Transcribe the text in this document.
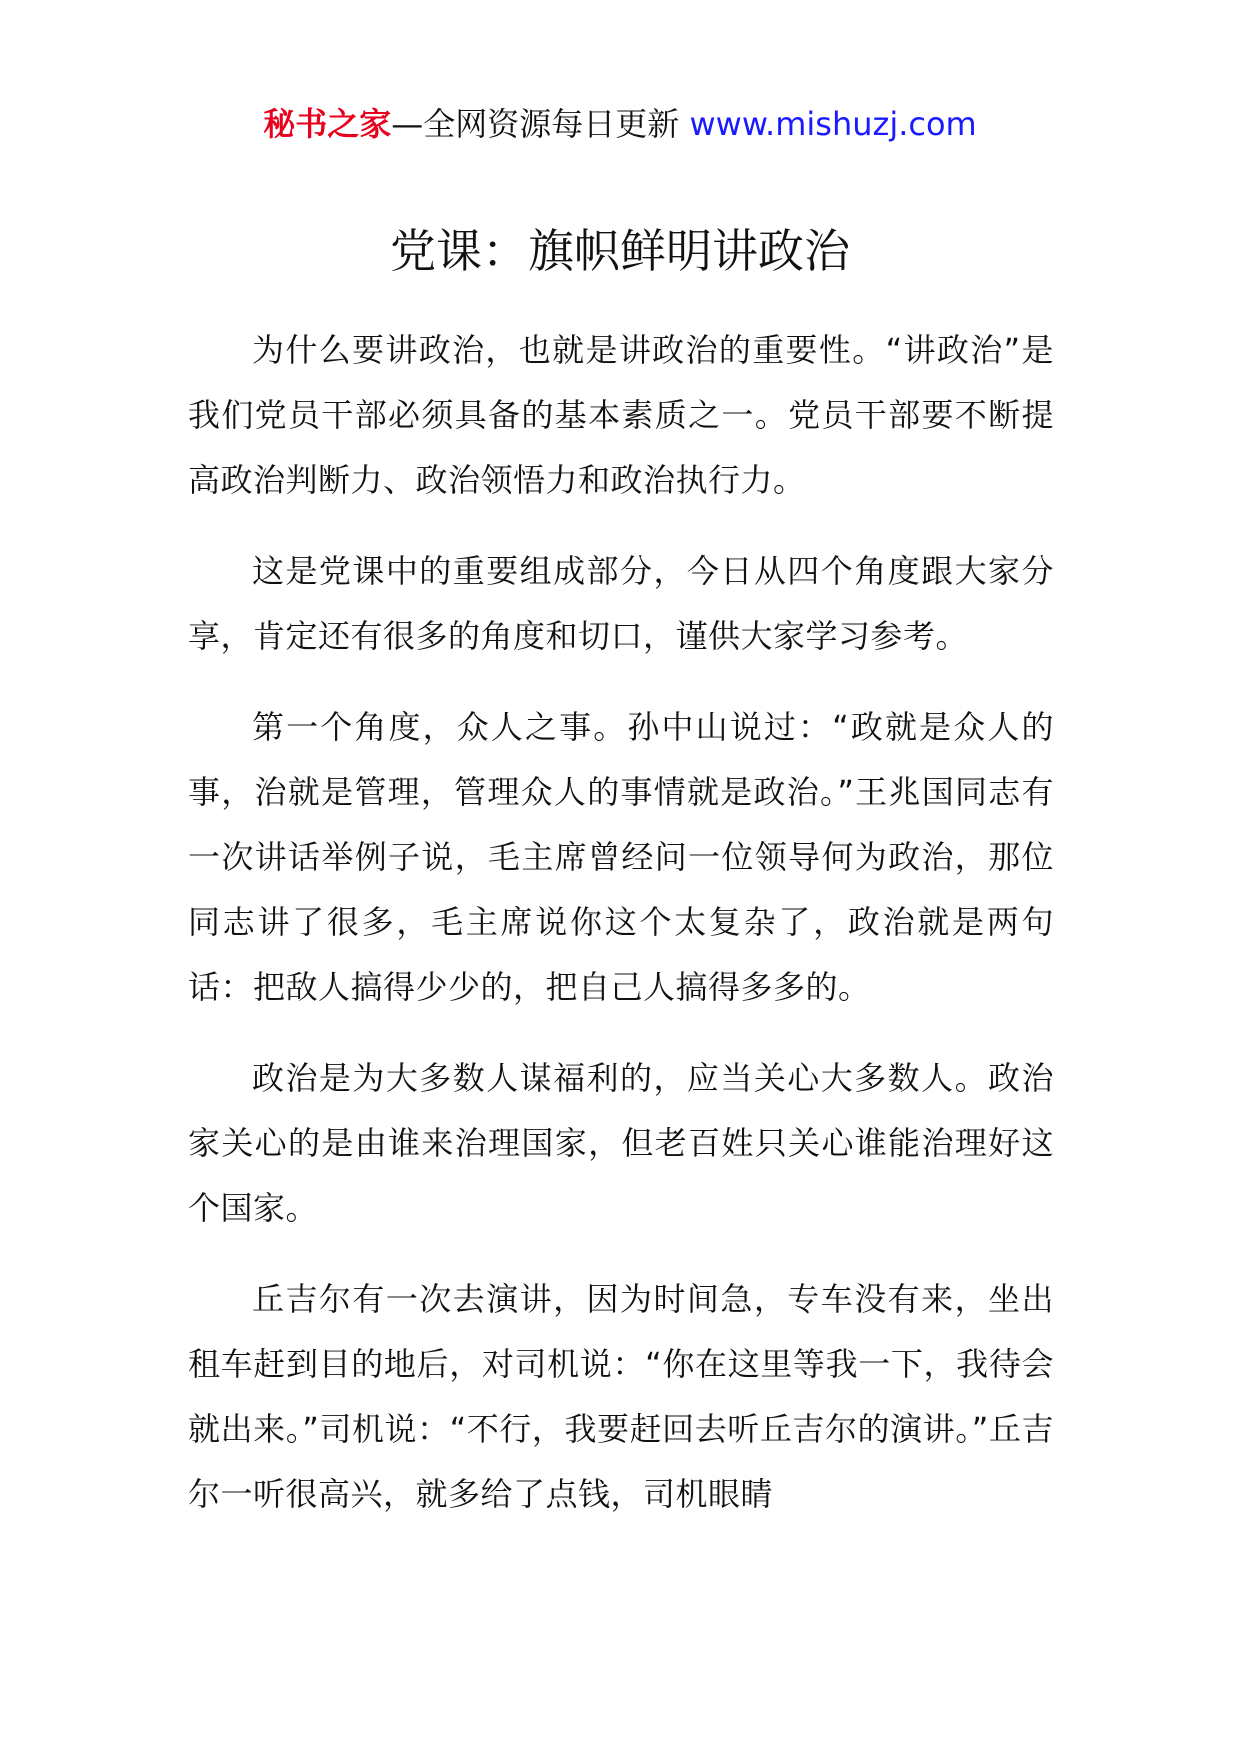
秘书之家—全网资源每日更新 www.mishuzj.com
党课：旗帜鲜明讲政治

为什么要讲政治，也就是讲政治的重要性。“讲政治”是我们党员干部必须具备的基本素质之一。党员干部要不断提高政治判断力、政治领悟力和政治执行力。

这是党课中的重要组成部分，今日从四个角度跟大家分享，肯定还有很多的角度和切口，谨供大家学习参考。

第一个角度，众人之事。孙中山说过：“政就是众人的事，治就是管理，管理众人的事情就是政治。”王兆国同志有一次讲话举例子说，毛主席曾经问一位领导何为政治，那位同志讲了很多，毛主席说你这个太复杂了，政治就是两句话：把敌人搞得少少的，把自己人搞得多多的。

政治是为大多数人谋福利的，应当关心大多数人。政治家关心的是由谁来治理国家，但老百姓只关心谁能治理好这个国家。

丘吉尔有一次去演讲，因为时间急，专车没有来，坐出租车赶到目的地后，对司机说：“你在这里等我一下，我待会就出来。”司机说：“不行，我要赶回去听丘吉尔的演讲。”丘吉尔一听很高兴，就多给了点钱，司机眼睛
